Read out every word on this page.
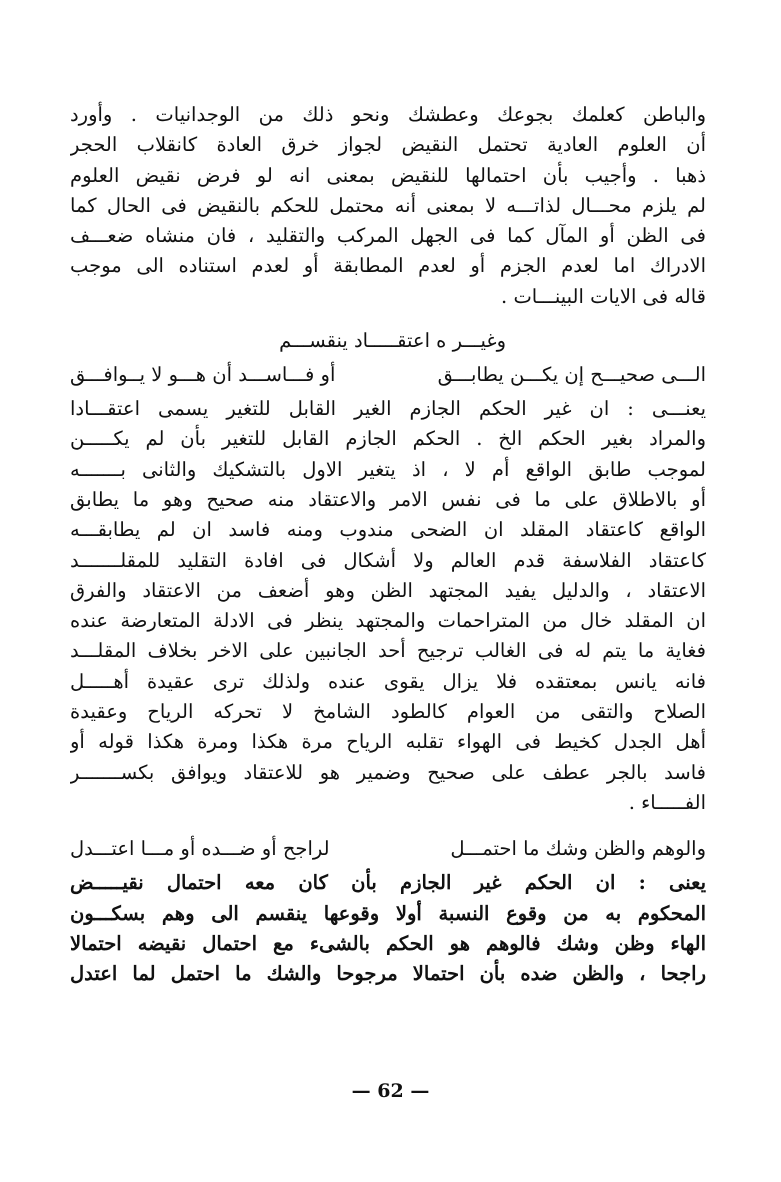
والباطن كعلمك بجوعك وعطشك ونحو ذلك من الوجدانيات . وأورد
أن العلوم العادية تحتمل النقيض لجواز خرق العادة كانقلاب الحجر
ذهبا . وأجيب بأن احتمالها للنقيض بمعنى انه لو فرض نقيض العلوم
لم يلزم محـــال لذاتـــه لا بمعنى أنه محتمل للحكم بالنقيض فى الحال كما
فى الظن أو المآل كما فى الجهل المركب والتقليد ، فان منشاه ضعـــف
الادراك اما لعدم الجزم أو لعدم المطابقة أو لعدم استناده الى موجب
قاله فى الايات البينـــات .
وغيـــر ه اعتقـــــاد ينقســـم
الـــى صحيـــح إن يكـــن يطابـــق
أو فـــاســـد أن هـــو لا يــوافـــق
يعنـــى : ان غير الحكم الجازم الغير القابل للتغير يسمى اعتقـــادا
والمراد بغير الحكم الخ . الحكم الجازم القابل للتغير بأن لم يكـــــن
لموجب طابق الواقع أم لا ، اذ يتغير الاول بالتشكيك والثانى بـــــــه
أو بالاطلاق على ما فى نفس الامر والاعتقاد منه صحيح وهو ما يطابق
الواقع كاعتقاد المقلد ان الضحى مندوب ومنه فاسد ان لم يطابقـــه
كاعتقاد الفلاسفة قدم العالم ولا أشكال فى افادة التقليد للمقلـــــــد
الاعتقاد ، والدليل يفيد المجتهد الظن وهو أضعف من الاعتقاد والفرق
ان المقلد خال من المتراحمات والمجتهد ينظر فى الادلة المتعارضة عنده
فغاية ما يتم له فى الغالب ترجيح أحد الجانبين على الاخر بخلاف المقلـــد
فانه يانس بمعتقده فلا يزال يقوى عنده ولذلك ترى عقيدة أهـــــل
الصلاح والتقى من العوام كالطود الشامخ لا تحركه الرياح وعقيدة
أهل الجدل كخيط فى الهواء تقلبه الرياح مرة هكذا ومرة هكذا قوله أو
فاسد بالجر عطف على صحيح وضمير هو للاعتقاد ويوافق بكســـــــر
الفـــــاء .
والوهم والظن وشك ما احتمـــل
لراجح أو ضـــده أو مـــا اعتـــدل
يعنى : ان الحكم غير الجازم بأن كان معه احتمال نقيـــــض
المحكوم به من وقوع النسبة أولا وقوعها ينقسم الى وهم بسكـــون
الهاء وظن وشك فالوهم هو الحكم بالشىء مع احتمال نقيضه احتمالا
راجحا ، والظن ضده بأن احتمالا مرجوحا والشك ما احتمل لما اعتدل
— 62 —
